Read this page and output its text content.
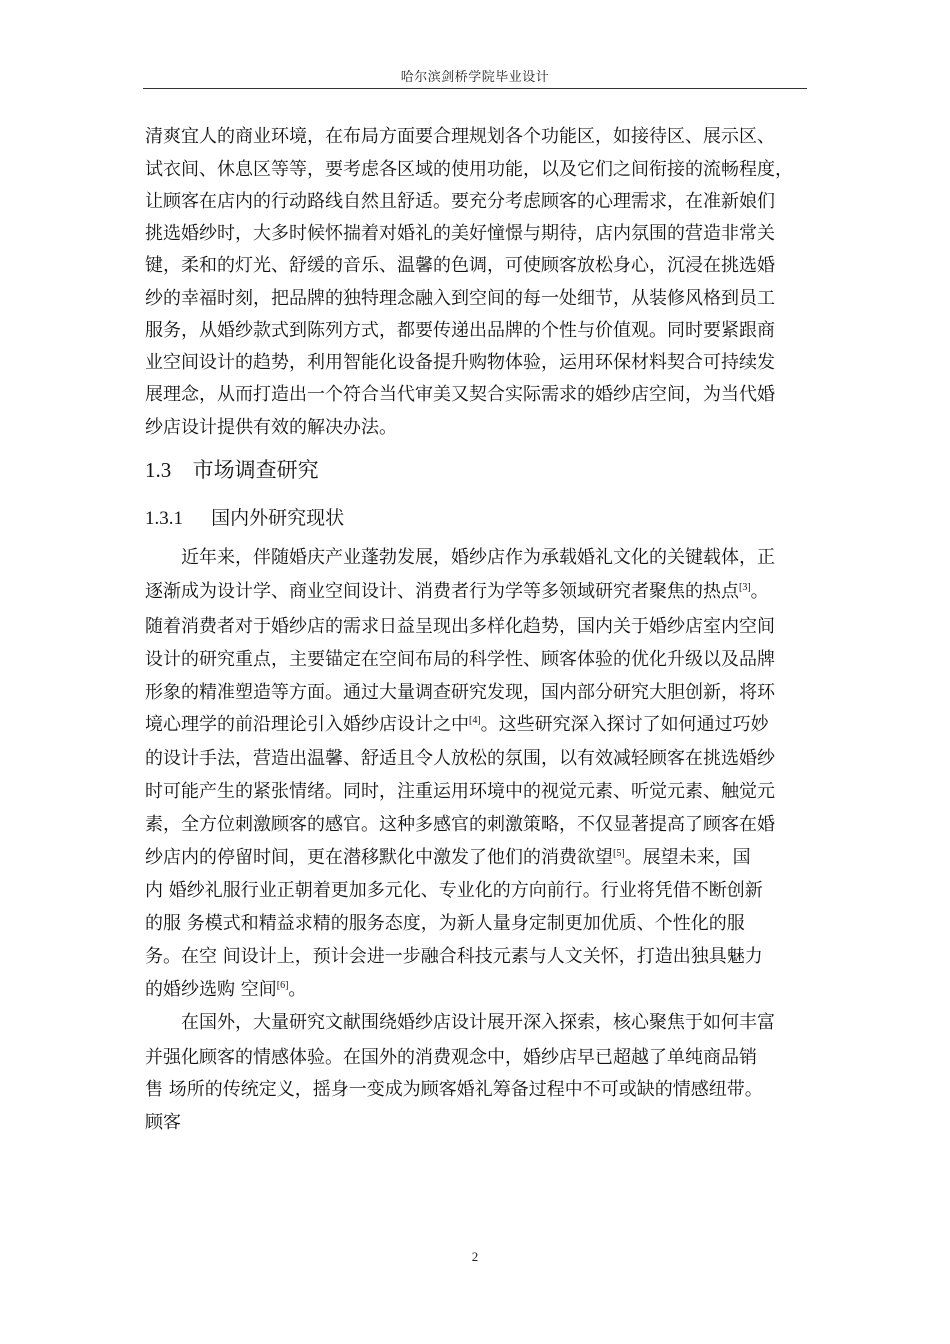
哈尔滨剑桥学院毕业设计
清爽宜人的商业环境，在布局方面要合理规划各个功能区，如接待区、展示区、
试衣间、休息区等等，要考虑各区域的使用功能，以及它们之间衔接的流畅程度，
让顾客在店内的行动路线自然且舒适。要充分考虑顾客的心理需求，在准新娘们
挑选婚纱时，大多时候怀揣着对婚礼的美好憧憬与期待，店内氛围的营造非常关
键，柔和的灯光、舒缓的音乐、温馨的色调，可使顾客放松身心，沉浸在挑选婚
纱的幸福时刻，把品牌的独特理念融入到空间的每一处细节，从装修风格到员工
服务，从婚纱款式到陈列方式，都要传递出品牌的个性与价值观。同时要紧跟商
业空间设计的趋势，利用智能化设备提升购物体验，运用环保材料契合可持续发
展理念，从而打造出一个符合当代审美又契合实际需求的婚纱店空间，为当代婚
纱店设计提供有效的解决办法。
1.3 市场调查研究
1.3.1 国内外研究现状
近年来，伴随婚庆产业蓬勃发展，婚纱店作为承载婚礼文化的关键载体，正
逐渐成为设计学、商业空间设计、消费者行为学等多领域研究者聚焦的热点[3]。
随着消费者对于婚纱店的需求日益呈现出多样化趋势，国内关于婚纱店室内空间
设计的研究重点，主要锚定在空间布局的科学性、顾客体验的优化升级以及品牌
形象的精准塑造等方面。通过大量调查研究发现，国内部分研究大胆创新，将环
境心理学的前沿理论引入婚纱店设计之中[4]。这些研究深入探讨了如何通过巧妙
的设计手法，营造出温馨、舒适且令人放松的氛围，以有效减轻顾客在挑选婚纱
时可能产生的紧张情绪。同时，注重运用环境中的视觉元素、听觉元素、触觉元
素，全方位刺激顾客的感官。这种多感官的刺激策略，不仅显著提高了顾客在婚
纱店内的停留时间，更在潜移默化中激发了他们的消费欲望[5]。展望未来，国
内 婚纱礼服行业正朝着更加多元化、专业化的方向前行。行业将凭借不断创新
的服 务模式和精益求精的服务态度，为新人量身定制更加优质、个性化的服
务。在空 间设计上，预计会进一步融合科技元素与人文关怀，打造出独具魅力
的婚纱选购 空间[6]。
在国外，大量研究文献围绕婚纱店设计展开深入探索，核心聚焦于如何丰富
并强化顾客的情感体验。在国外的消费观念中，婚纱店早已超越了单纯商品销
售 场所的传统定义，摇身一变成为顾客婚礼筹备过程中不可或缺的情感纽带。
顾客
2
